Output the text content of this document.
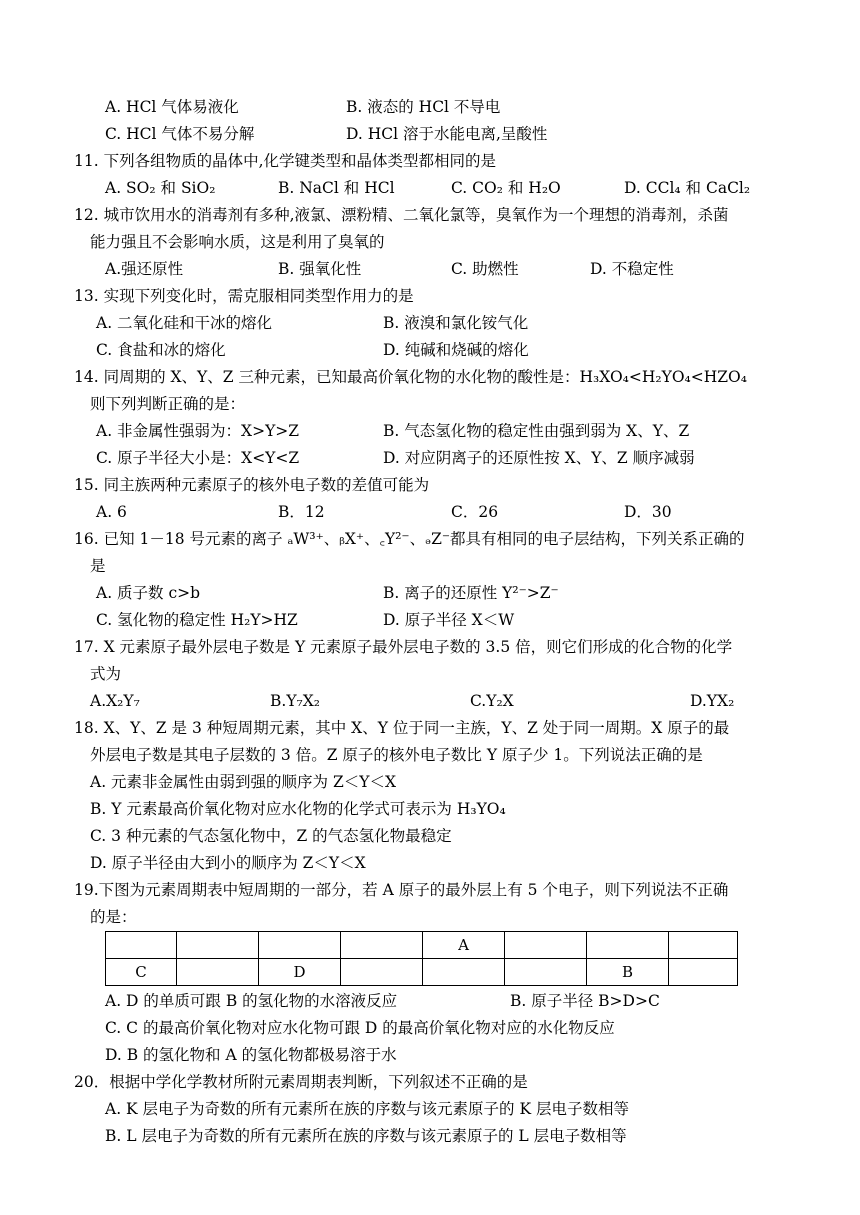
A. HCl 气体易液化	B. 液态的 HCl 不导电
C. HCl 气体不易分解	D. HCl 溶于水能电离,呈酸性
11. 下列各组物质的晶体中,化学键类型和晶体类型都相同的是
A. SO₂ 和 SiO₂	B. NaCl 和 HCl	C. CO₂ 和 H₂O	D. CCl₄ 和 CaCl₂
12. 城市饮用水的消毒剂有多种,液氯、漂粉精、二氧化氯等，臭氧作为一个理想的消毒剂，杀菌
能力强且不会影响水质，这是利用了臭氧的
A.强还原性	B. 强氧化性	C. 助燃性	D. 不稳定性
13. 实现下列变化时，需克服相同类型作用力的是
A. 二氧化硅和干冰的熔化	B. 液溴和氯化铵气化
C. 食盐和冰的熔化	D. 纯碱和烧碱的熔化
14. 同周期的 X、Y、Z 三种元素，已知最高价氧化物的水化物的酸性是：H₃XO₄<H₂YO₄<HZO₄
则下列判断正确的是：
A. 非金属性强弱为：X>Y>Z	B. 气态氢化物的稳定性由强到弱为 X、Y、Z
C. 原子半径大小是：X<Y<Z	D. 对应阴离子的还原性按 X、Y、Z 顺序减弱
15. 同主族两种元素原子的核外电子数的差值可能为
A. 6	B．12	C．26	D．30
16. 已知 1－18 号元素的离子 ₐW³⁺、ᵦX⁺、꜀Y²⁻、ₔZ⁻都具有相同的电子层结构，下列关系正确的
是
A. 质子数 c>b	B. 离子的还原性 Y²⁻>Z⁻
C. 氢化物的稳定性 H₂Y>HZ	D. 原子半径 X＜W
17. X 元素原子最外层电子数是 Y 元素原子最外层电子数的 3.5 倍，则它们形成的化合物的化学
式为
A.X₂Y₇	B.Y₇X₂	C.Y₂X	D.YX₂
18. X、Y、Z 是 3 种短周期元素，其中 X、Y 位于同一主族，Y、Z 处于同一周期。X 原子的最
外层电子数是其电子层数的 3 倍。Z 原子的核外电子数比 Y 原子少 1。下列说法正确的是
A. 元素非金属性由弱到强的顺序为 Z＜Y＜X
B. Y 元素最高价氧化物对应水化物的化学式可表示为 H₃YO₄
C. 3 种元素的气态氢化物中，Z 的气态氢化物最稳定
D. 原子半径由大到小的顺序为 Z＜Y＜X
19.下图为元素周期表中短周期的一部分，若 A 原子的最外层上有 5 个电子，则下列说法不正确
的是：
				A			
C		D				B	
A. D 的单质可跟 B 的氢化物的水溶液反应	B. 原子半径 B>D>C
C. C 的最高价氧化物对应水化物可跟 D 的最高价氧化物对应的水化物反应
D. B 的氢化物和 A 的氢化物都极易溶于水
20．根据中学化学教材所附元素周期表判断，下列叙述不正确的是
A. K 层电子为奇数的所有元素所在族的序数与该元素原子的 K 层电子数相等
B. L 层电子为奇数的所有元素所在族的序数与该元素原子的 L 层电子数相等
